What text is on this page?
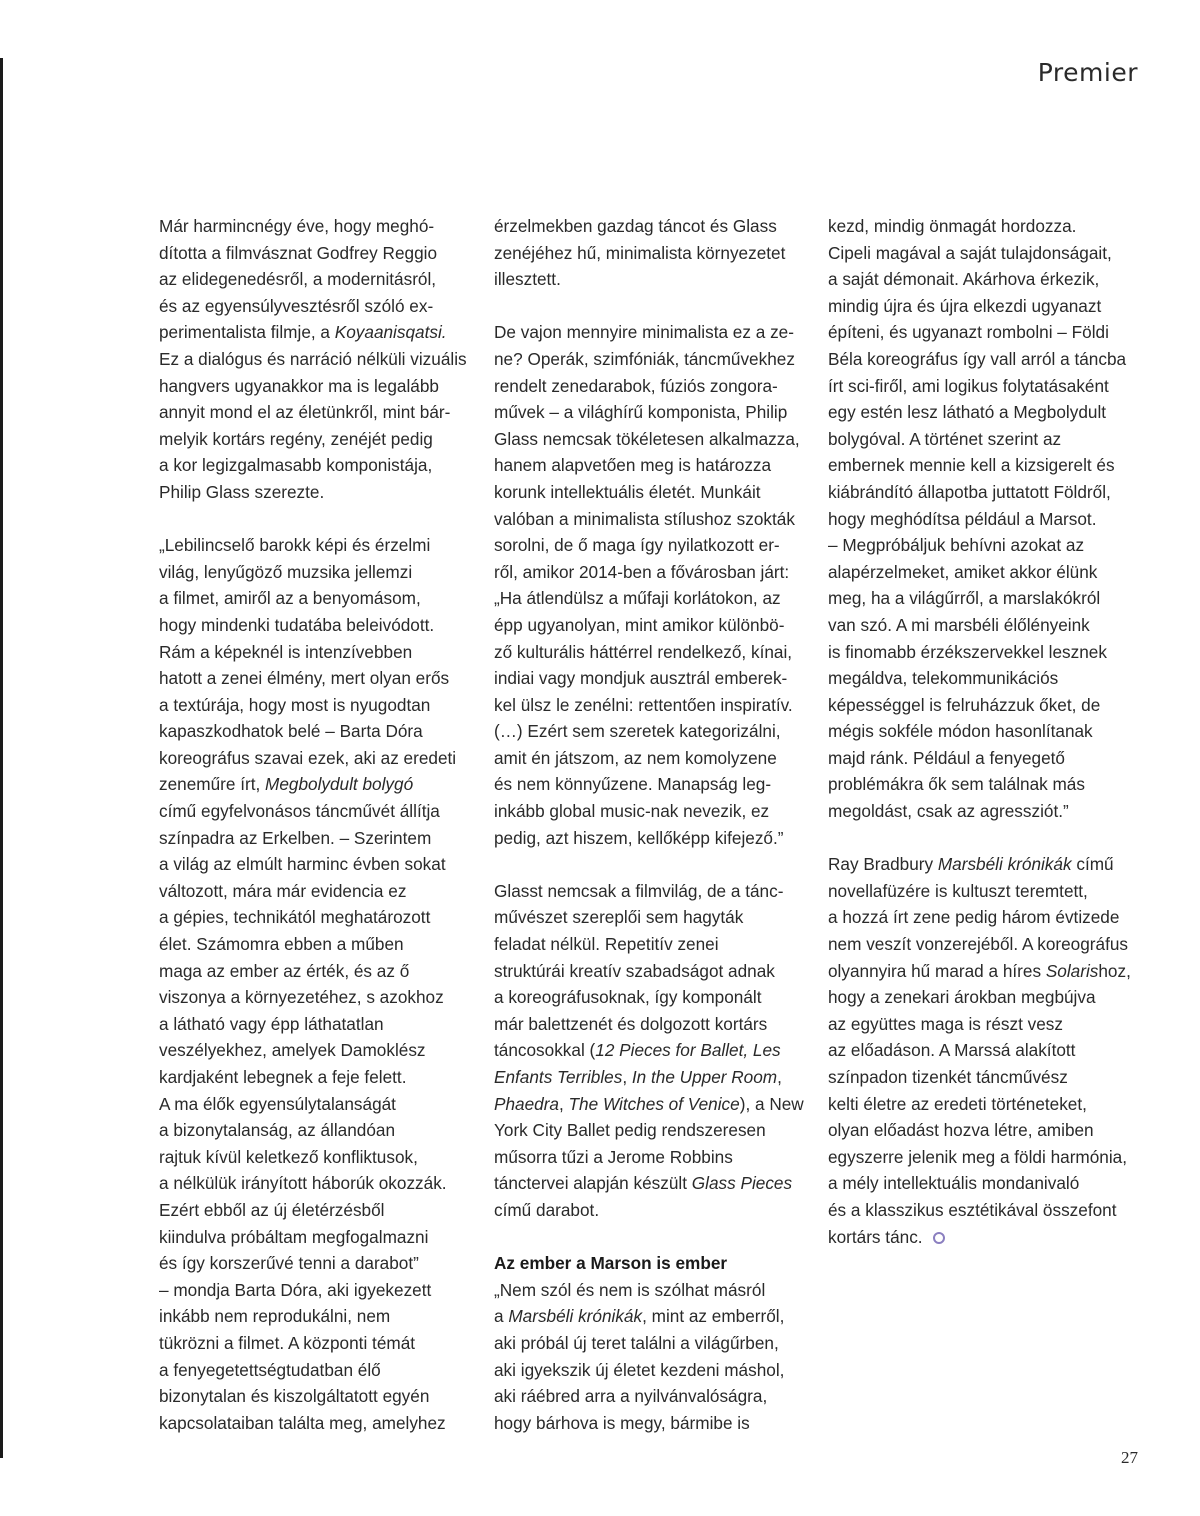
Premier
Már harmincnégy éve, hogy meghó-
dította a filmvásznat Godfrey Reggio
az elidegenedésről, a modernitásról,
és az egyensúlyvesztésről szóló ex-
perimentalista filmje, a Koyaanisqatsi.
Ez a dialógus és narráció nélküli vizuális
hangvers ugyanakkor ma is legalább
annyit mond el az életünkről, mint bár-
melyik kortárs regény, zenéjét pedig
a kor legizgalmasabb komponistája,
Philip Glass szerezte.
„Lebilincselő barokk képi és érzelmi
világ, lenyűgöző muzsika jellemzi
a filmet, amiről az a benyomásom,
hogy mindenki tudatába beleivódott.
Rám a képeknél is intenzívebben
hatott a zenei élmény, mert olyan erős
a textúrája, hogy most is nyugodtan
kapaszkodhatok belé – Barta Dóra
koreográfus szavai ezek, aki az eredeti
zeneműre írt, Megbolydult bolygó
című egyfelvonásos táncművét állítja
színpadra az Erkelben. – Szerintem
a világ az elmúlt harminc évben sokat
változott, mára már evidencia ez
a gépies, technikától meghatározott
élet. Számomra ebben a műben
maga az ember az érték, és az ő
viszonya a környezetéhez, s azokhoz
a látható vagy épp láthatatlan
veszélyekhez, amelyek Damoklész
kardjaként lebegnek a feje felett.
A ma élők egyensúlytalanságát
a bizonytalanság, az állandóan
rajtuk kívül keletkező konfliktusok,
a nélkülük irányított háborúk okozzák.
Ezért ebből az új életérzésből
kiindulva próbáltam megfogalmazni
és így korszerűvé tenni a darabot”
– mondja Barta Dóra, aki igyekezett
inkább nem reprodukálni, nem
tükrözni a filmet. A központi témát
a fenyegetettségtudatban élő
bizonytalan és kiszolgáltatott egyén
kapcsolataiban találta meg, amelyhez
érzelmekben gazdag táncot és Glass
zenéjéhez hű, minimalista környezetet
illesztett.
De vajon mennyire minimalista ez a ze-
ne? Operák, szimfóniák, táncművekhez
rendelt zenedarabok, fúziós zongora-
művek – a világhírű komponista, Philip
Glass nemcsak tökéletesen alkalmazza,
hanem alapvetően meg is határozza
korunk intellektuális életét. Munkáit
valóban a minimalista stílushoz szokták
sorolni, de ő maga így nyilatkozott er-
ről, amikor 2014-ben a fővárosban járt:
„Ha átlendülsz a műfaji korlátokon, az
épp ugyanolyan, mint amikor különbö-
ző kulturális háttérrel rendelkező, kínai,
indiai vagy mondjuk ausztrál emberek-
kel ülsz le zenélni: rettentően inspiratív.
(…) Ezért sem szeretek kategorizálni,
amit én játszom, az nem komolyzene
és nem könnyűzene. Manapság leg-
inkább global music-nak nevezik, ez
pedig, azt hiszem, kellőképp kifejező.”
Glasst nemcsak a filmvilág, de a tánc-
művészet szereplői sem hagyták
feladat nélkül. Repetitív zenei
struktúrái kreatív szabadságot adnak
a koreográfusoknak, így komponált
már balettzenét és dolgozott kortárs
táncosokkal (12 Pieces for Ballet, Les
Enfants Terribles, In the Upper Room,
Phaedra, The Witches of Venice), a New
York City Ballet pedig rendszeresen
műsorra tűzi a Jerome Robbins
tánctervei alapján készült Glass Pieces
című darabot.
Az ember a Marson is ember
„Nem szól és nem is szólhat másról
a Marsbéli krónikák, mint az emberről,
aki próbál új teret találni a világűrben,
aki igyekszik új életet kezdeni máshol,
aki ráébred arra a nyilvánvalóságra,
hogy bárhova is megy, bármibe is
kezd, mindig önmagát hordozza.
Cipeli magával a saját tulajdonságait,
a saját démonait. Akárhova érkezik,
mindig újra és újra elkezdi ugyanazt
építeni, és ugyanazt rombolni – Földi
Béla koreográfus így vall arról a táncba
írt sci-firől, ami logikus folytatásaként
egy estén lesz látható a Megbolydult
bolygóval. A történet szerint az
embernek mennie kell a kizsigerelt és
kiábrándító állapotba juttatott Földről,
hogy meghódítsa például a Marsot.
– Megpróbáljuk behívni azokat az
alapérzelmeket, amiket akkor élünk
meg, ha a világűrről, a marslakókról
van szó. A mi marsbéli élőlényeink
is finomabb érzékszervekkel lesznek
megáldva, telekommunikációs
képességgel is felruházzuk őket, de
mégis sokféle módon hasonlítanak
majd ránk. Például a fenyegető
problémákra ők sem találnak más
megoldást, csak az agressziót.”
Ray Bradbury Marsbéli krónikák című
novellafüzére is kultuszt teremtett,
a hozzá írt zene pedig három évtizede
nem veszít vonzerejéből. A koreográfus
olyannyira hű marad a híres Solarishoz,
hogy a zenekari árokban megbújva
az együttes maga is részt vesz
az előadáson. A Marssá alakított
színpadon tizenkét táncművész
kelti életre az eredeti történeteket,
olyan előadást hozva létre, amiben
egyszerre jelenik meg a földi harmónia,
a mély intellektuális mondanivaló
és a klasszikus esztétikával összefont
kortárs tánc.
27
